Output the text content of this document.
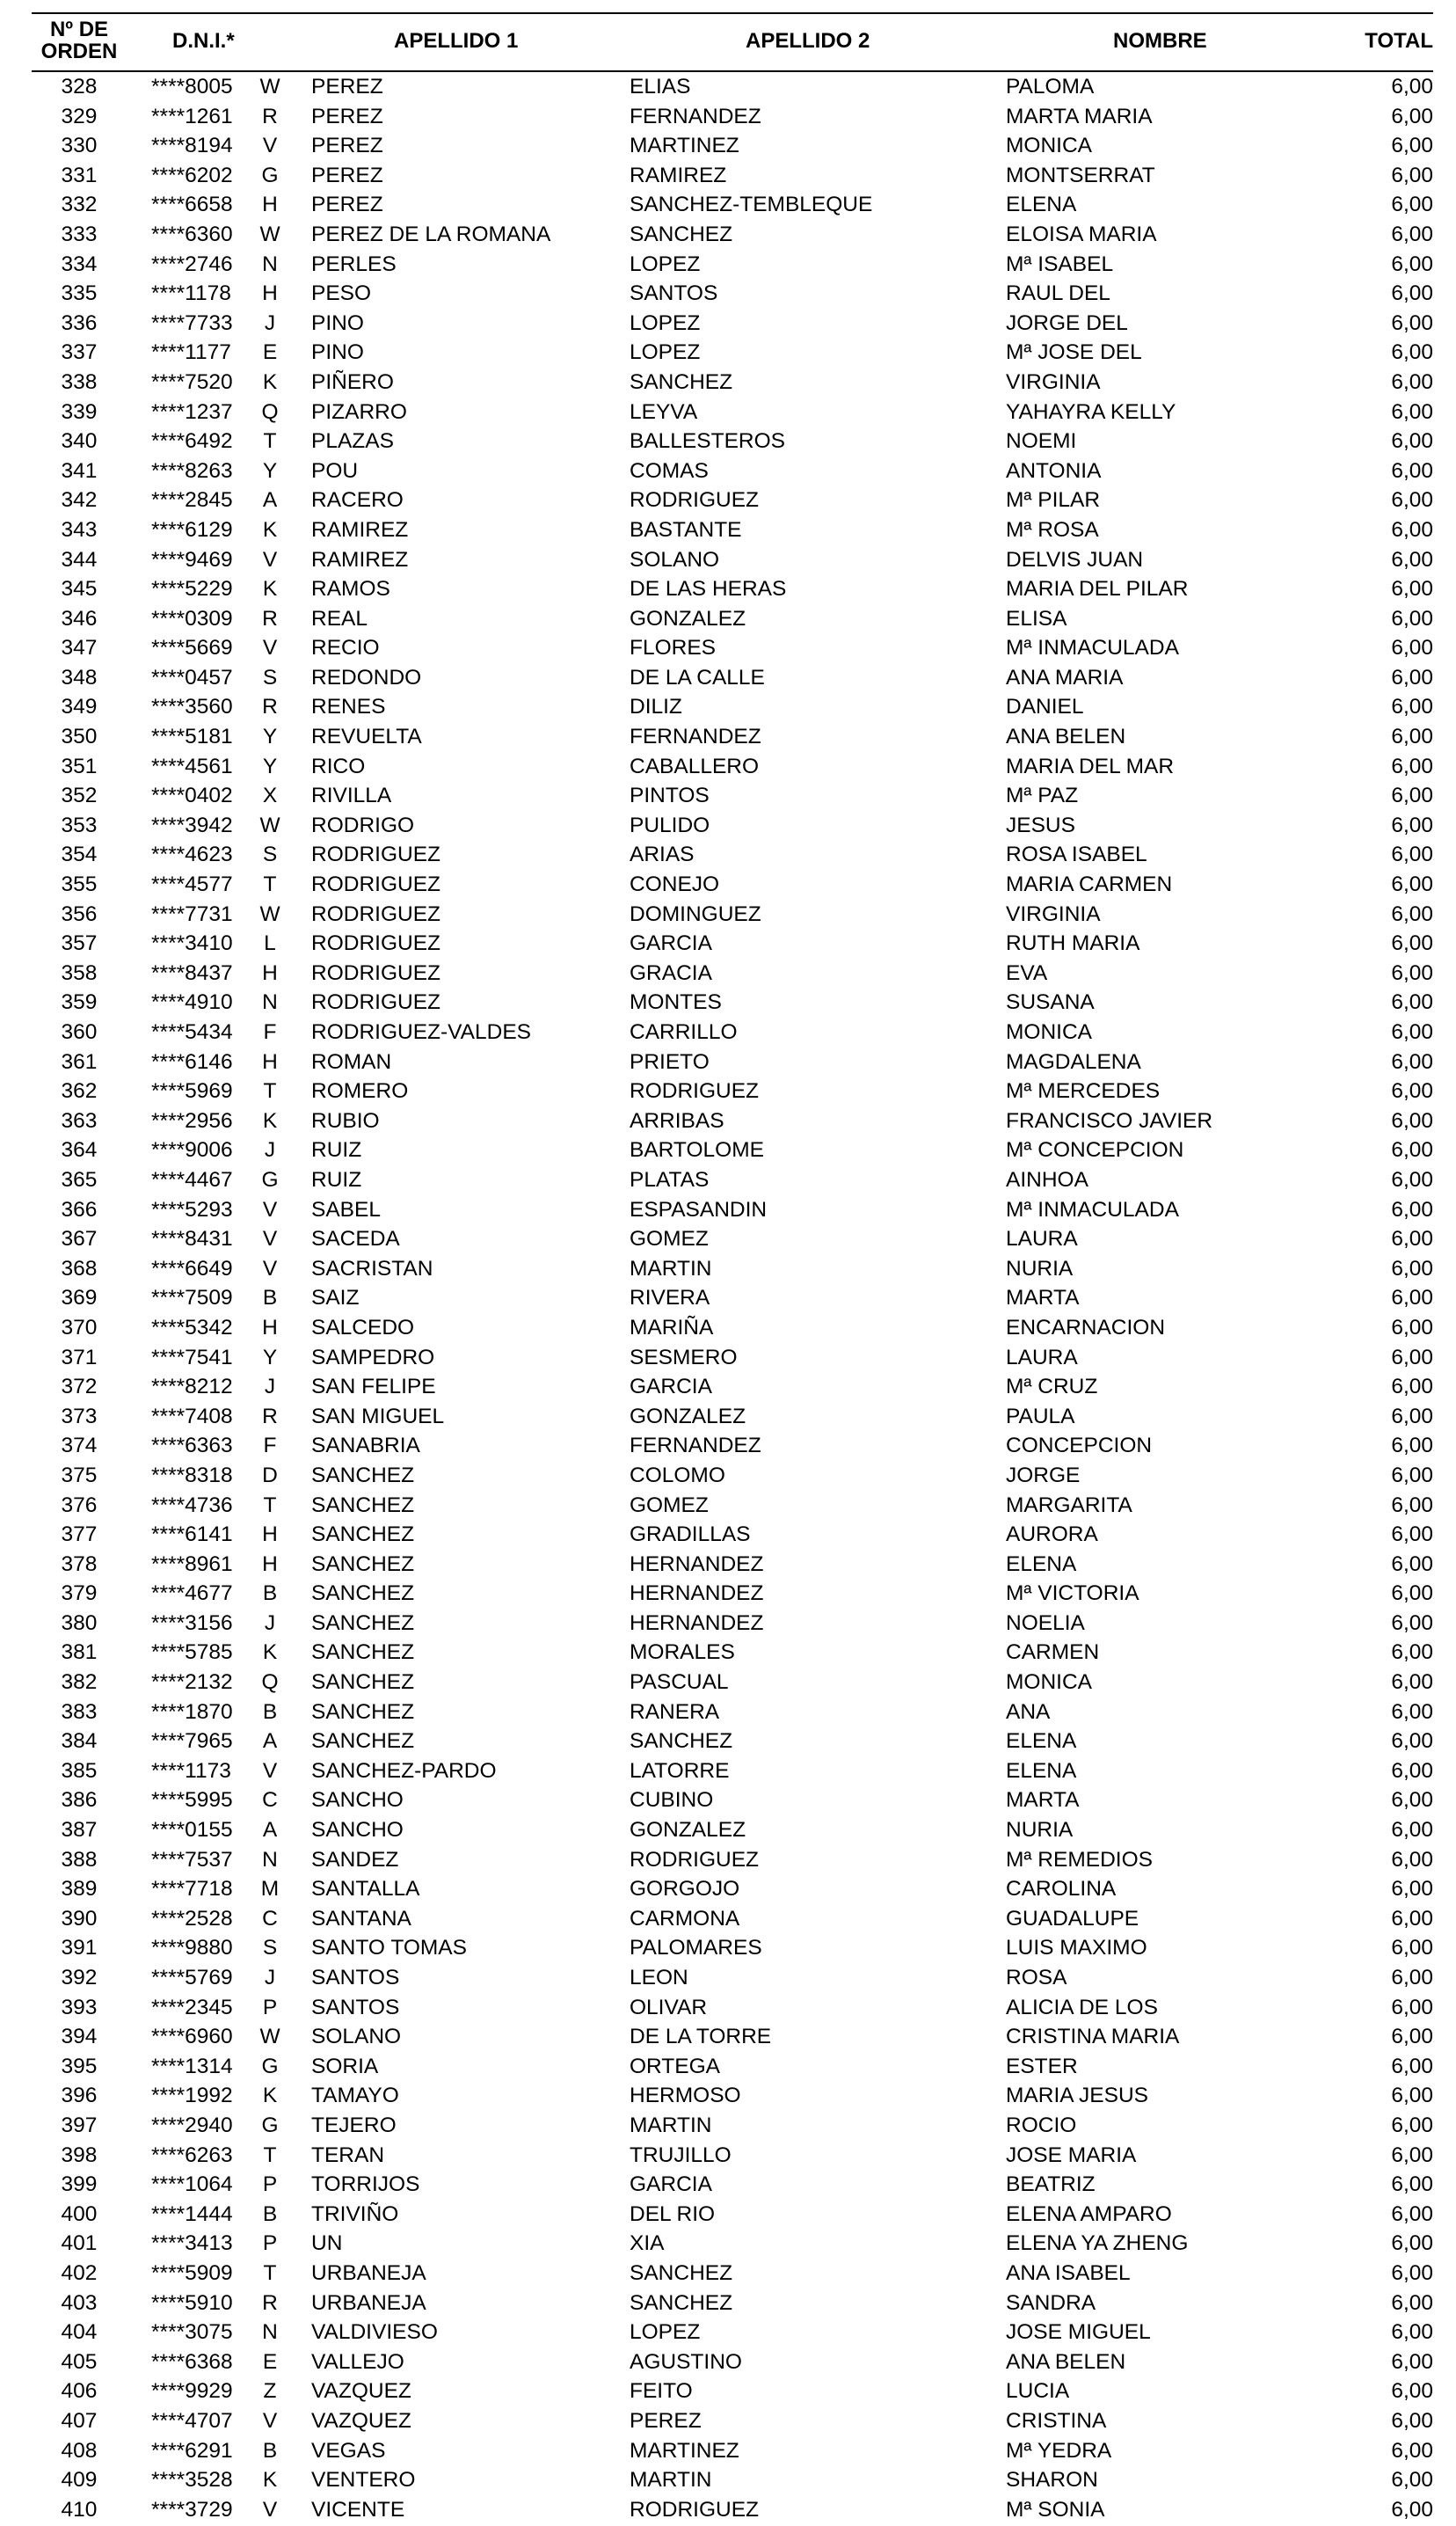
Nº DE
ORDEN	D.N.I.*	APELLIDO 1	APELLIDO 2	NOMBRE	TOTAL
328	****8005 W PEREZ	ELIAS	PALOMA	6,00
329	****1261 R PEREZ	FERNANDEZ	MARTA MARIA	6,00
330	****8194 V PEREZ	MARTINEZ	MONICA	6,00
331	****6202 G PEREZ	RAMIREZ	MONTSERRAT	6,00
332	****6658 H PEREZ	SANCHEZ-TEMBLEQUE	ELENA	6,00
333	****6360 W PEREZ DE LA ROMANA	SANCHEZ	ELOISA MARIA	6,00
334	****2746 N PERLES	LOPEZ	Mª ISABEL	6,00
335	****1178 H PESO	SANTOS	RAUL DEL	6,00
336	****7733	J	PINO	LOPEZ	JORGE DEL	6,00
337	****1177 E PINO	LOPEZ	Mª JOSE DEL	6,00
338	****7520 K PIÑERO	SANCHEZ	VIRGINIA	6,00
339	****1237 Q PIZARRO	LEYVA	YAHAYRA KELLY	6,00
340	****6492	T	PLAZAS	BALLESTEROS	NOEMI	6,00
341	****8263 Y POU	COMAS	ANTONIA	6,00
342	****2845 A RACERO	RODRIGUEZ	Mª PILAR	6,00
343	****6129 K RAMIREZ	BASTANTE	Mª ROSA	6,00
344	****9469 V RAMIREZ	SOLANO	DELVIS JUAN	6,00
345	****5229 K RAMOS	DE LAS HERAS	MARIA DEL PILAR	6,00
346	****0309 R REAL	GONZALEZ	ELISA	6,00
347	****5669 V RECIO	FLORES	Mª INMACULADA	6,00
348	****0457 S REDONDO	DE LA CALLE	ANA MARIA	6,00
349	****3560 R RENES	DILIZ	DANIEL	6,00
350	****5181 Y REVUELTA	FERNANDEZ	ANA BELEN	6,00
351	****4561 Y RICO	CABALLERO	MARIA DEL MAR	6,00
352	****0402 X RIVILLA	PINTOS	Mª PAZ	6,00
353	****3942 W RODRIGO	PULIDO	JESUS	6,00
354	****4623 S RODRIGUEZ	ARIAS	ROSA ISABEL	6,00
355	****4577	T	RODRIGUEZ	CONEJO	MARIA CARMEN	6,00
356	****7731 W RODRIGUEZ	DOMINGUEZ	VIRGINIA	6,00
357	****3410	L	RODRIGUEZ	GARCIA	RUTH MARIA	6,00
358	****8437 H RODRIGUEZ	GRACIA	EVA	6,00
359	****4910 N RODRIGUEZ	MONTES	SUSANA	6,00
360	****5434	F	RODRIGUEZ-VALDES	CARRILLO	MONICA	6,00
361	****6146 H ROMAN	PRIETO	MAGDALENA	6,00
362	****5969	T	ROMERO	RODRIGUEZ	Mª MERCEDES	6,00
363	****2956 K RUBIO	ARRIBAS	FRANCISCO JAVIER	6,00
364	****9006	J	RUIZ	BARTOLOME	Mª CONCEPCION	6,00
365	****4467 G RUIZ	PLATAS	AINHOA	6,00
366	****5293 V SABEL	ESPASANDIN	Mª INMACULADA	6,00
367	****8431 V SACEDA	GOMEZ	LAURA	6,00
368	****6649 V SACRISTAN	MARTIN	NURIA	6,00
369	****7509 B SAIZ	RIVERA	MARTA	6,00
370	****5342 H SALCEDO	MARIÑA	ENCARNACION	6,00
371	****7541 Y SAMPEDRO	SESMERO	LAURA	6,00
372	****8212	J	SAN FELIPE	GARCIA	Mª CRUZ	6,00
373	****7408 R SAN MIGUEL	GONZALEZ	PAULA	6,00
374	****6363	F	SANABRIA	FERNANDEZ	CONCEPCION	6,00
375	****8318 D SANCHEZ	COLOMO	JORGE	6,00
376	****4736	T	SANCHEZ	GOMEZ	MARGARITA	6,00
377	****6141 H SANCHEZ	GRADILLAS	AURORA	6,00
378	****8961 H SANCHEZ	HERNANDEZ	ELENA	6,00
379	****4677 B SANCHEZ	HERNANDEZ	Mª VICTORIA	6,00
380	****3156	J	SANCHEZ	HERNANDEZ	NOELIA	6,00
381	****5785 K SANCHEZ	MORALES	CARMEN	6,00
382	****2132 Q SANCHEZ	PASCUAL	MONICA	6,00
383	****1870 B SANCHEZ	RANERA	ANA	6,00
384	****7965 A SANCHEZ	SANCHEZ	ELENA	6,00
385	****1173 V SANCHEZ-PARDO	LATORRE	ELENA	6,00
386	****5995 C SANCHO	CUBINO	MARTA	6,00
387	****0155 A SANCHO	GONZALEZ	NURIA	6,00
388	****7537 N SANDEZ	RODRIGUEZ	Mª REMEDIOS	6,00
389	****7718 M SANTALLA	GORGOJO	CAROLINA	6,00
390	****2528 C SANTANA	CARMONA	GUADALUPE	6,00
391	****9880 S SANTO TOMAS	PALOMARES	LUIS MAXIMO	6,00
392	****5769	J	SANTOS	LEON	ROSA	6,00
393	****2345 P SANTOS	OLIVAR	ALICIA DE LOS	6,00
394	****6960 W SOLANO	DE LA TORRE	CRISTINA MARIA	6,00
395	****1314 G SORIA	ORTEGA	ESTER	6,00
396	****1992 K TAMAYO	HERMOSO	MARIA JESUS	6,00
397	****2940 G TEJERO	MARTIN	ROCIO	6,00
398	****6263	T	TERAN	TRUJILLO	JOSE MARIA	6,00
399	****1064 P TORRIJOS	GARCIA	BEATRIZ	6,00
400	****1444 B TRIVIÑO	DEL RIO	ELENA AMPARO	6,00
401	****3413 P UN	XIA	ELENA YA ZHENG	6,00
402	****5909	T	URBANEJA	SANCHEZ	ANA ISABEL	6,00
403	****5910 R URBANEJA	SANCHEZ	SANDRA	6,00
404	****3075 N VALDIVIESO	LOPEZ	JOSE MIGUEL	6,00
405	****6368 E VALLEJO	AGUSTINO	ANA BELEN	6,00
406	****9929	Z	VAZQUEZ	FEITO	LUCIA	6,00
407	****4707 V VAZQUEZ	PEREZ	CRISTINA	6,00
408	****6291 B VEGAS	MARTINEZ	Mª YEDRA	6,00
409	****3528 K VENTERO	MARTIN	SHARON	6,00
410	****3729 V VICENTE	RODRIGUEZ	Mª SONIA	6,00
